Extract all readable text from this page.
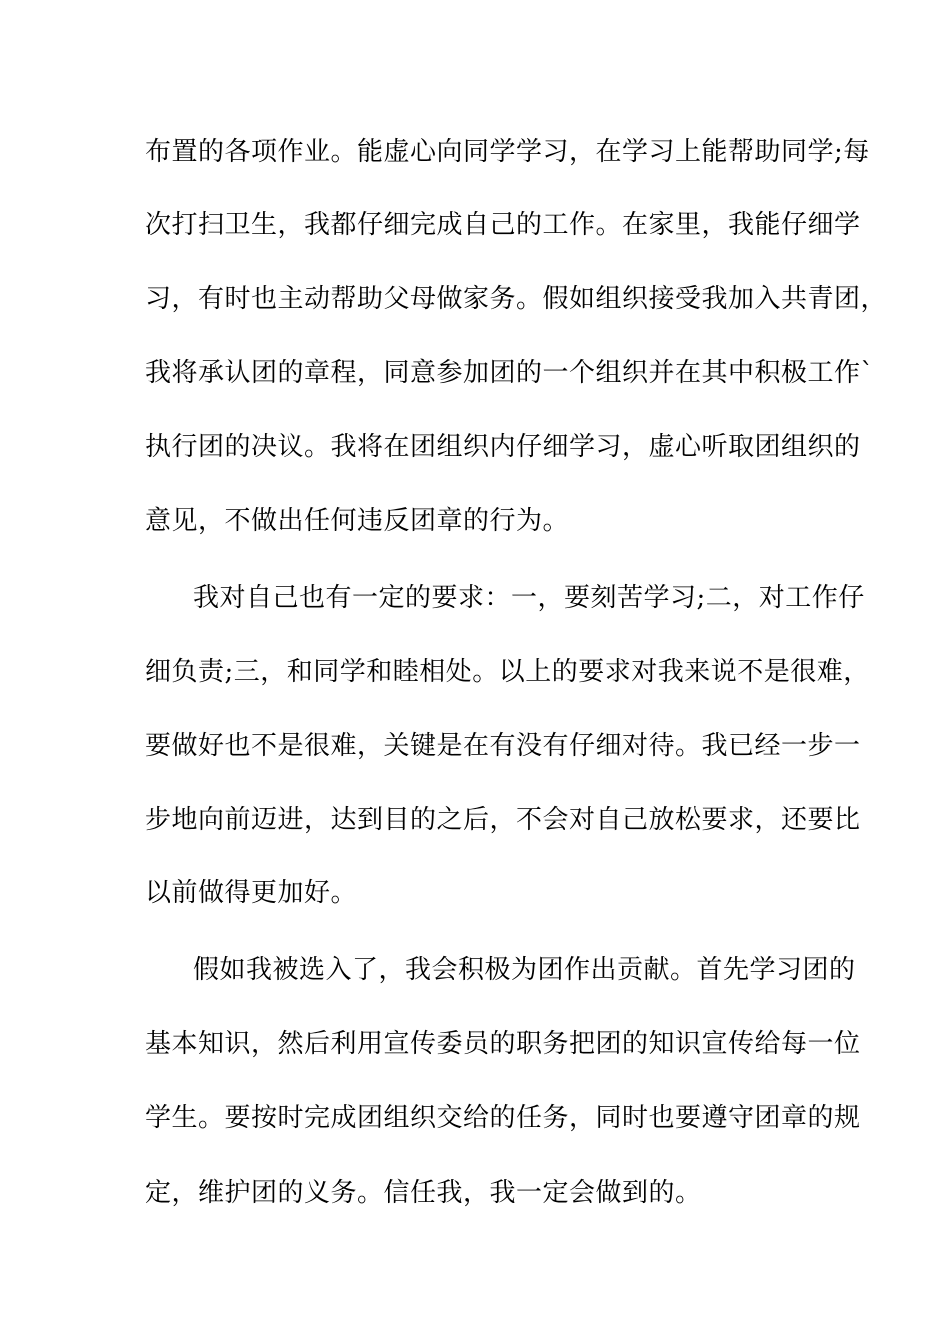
布置的各项作业。能虚心向同学学习，在学习上能帮助同学;每
次打扫卫生，我都仔细完成自己的工作。在家里，我能仔细学
习，有时也主动帮助父母做家务。假如组织接受我加入共青团，
我将承认团的章程，同意参加团的一个组织并在其中积极工作`
执行团的决议。我将在团组织内仔细学习，虚心听取团组织的
意见，不做出任何违反团章的行为。
我对自己也有一定的要求：一，要刻苦学习;二，对工作仔
细负责;三，和同学和睦相处。以上的要求对我来说不是很难，
要做好也不是很难，关键是在有没有仔细对待。我已经一步一
步地向前迈进，达到目的之后，不会对自己放松要求，还要比
以前做得更加好。
假如我被选入了，我会积极为团作出贡献。首先学习团的
基本知识，然后利用宣传委员的职务把团的知识宣传给每一位
学生。要按时完成团组织交给的任务，同时也要遵守团章的规
定，维护团的义务。信任我，我一定会做到的。
